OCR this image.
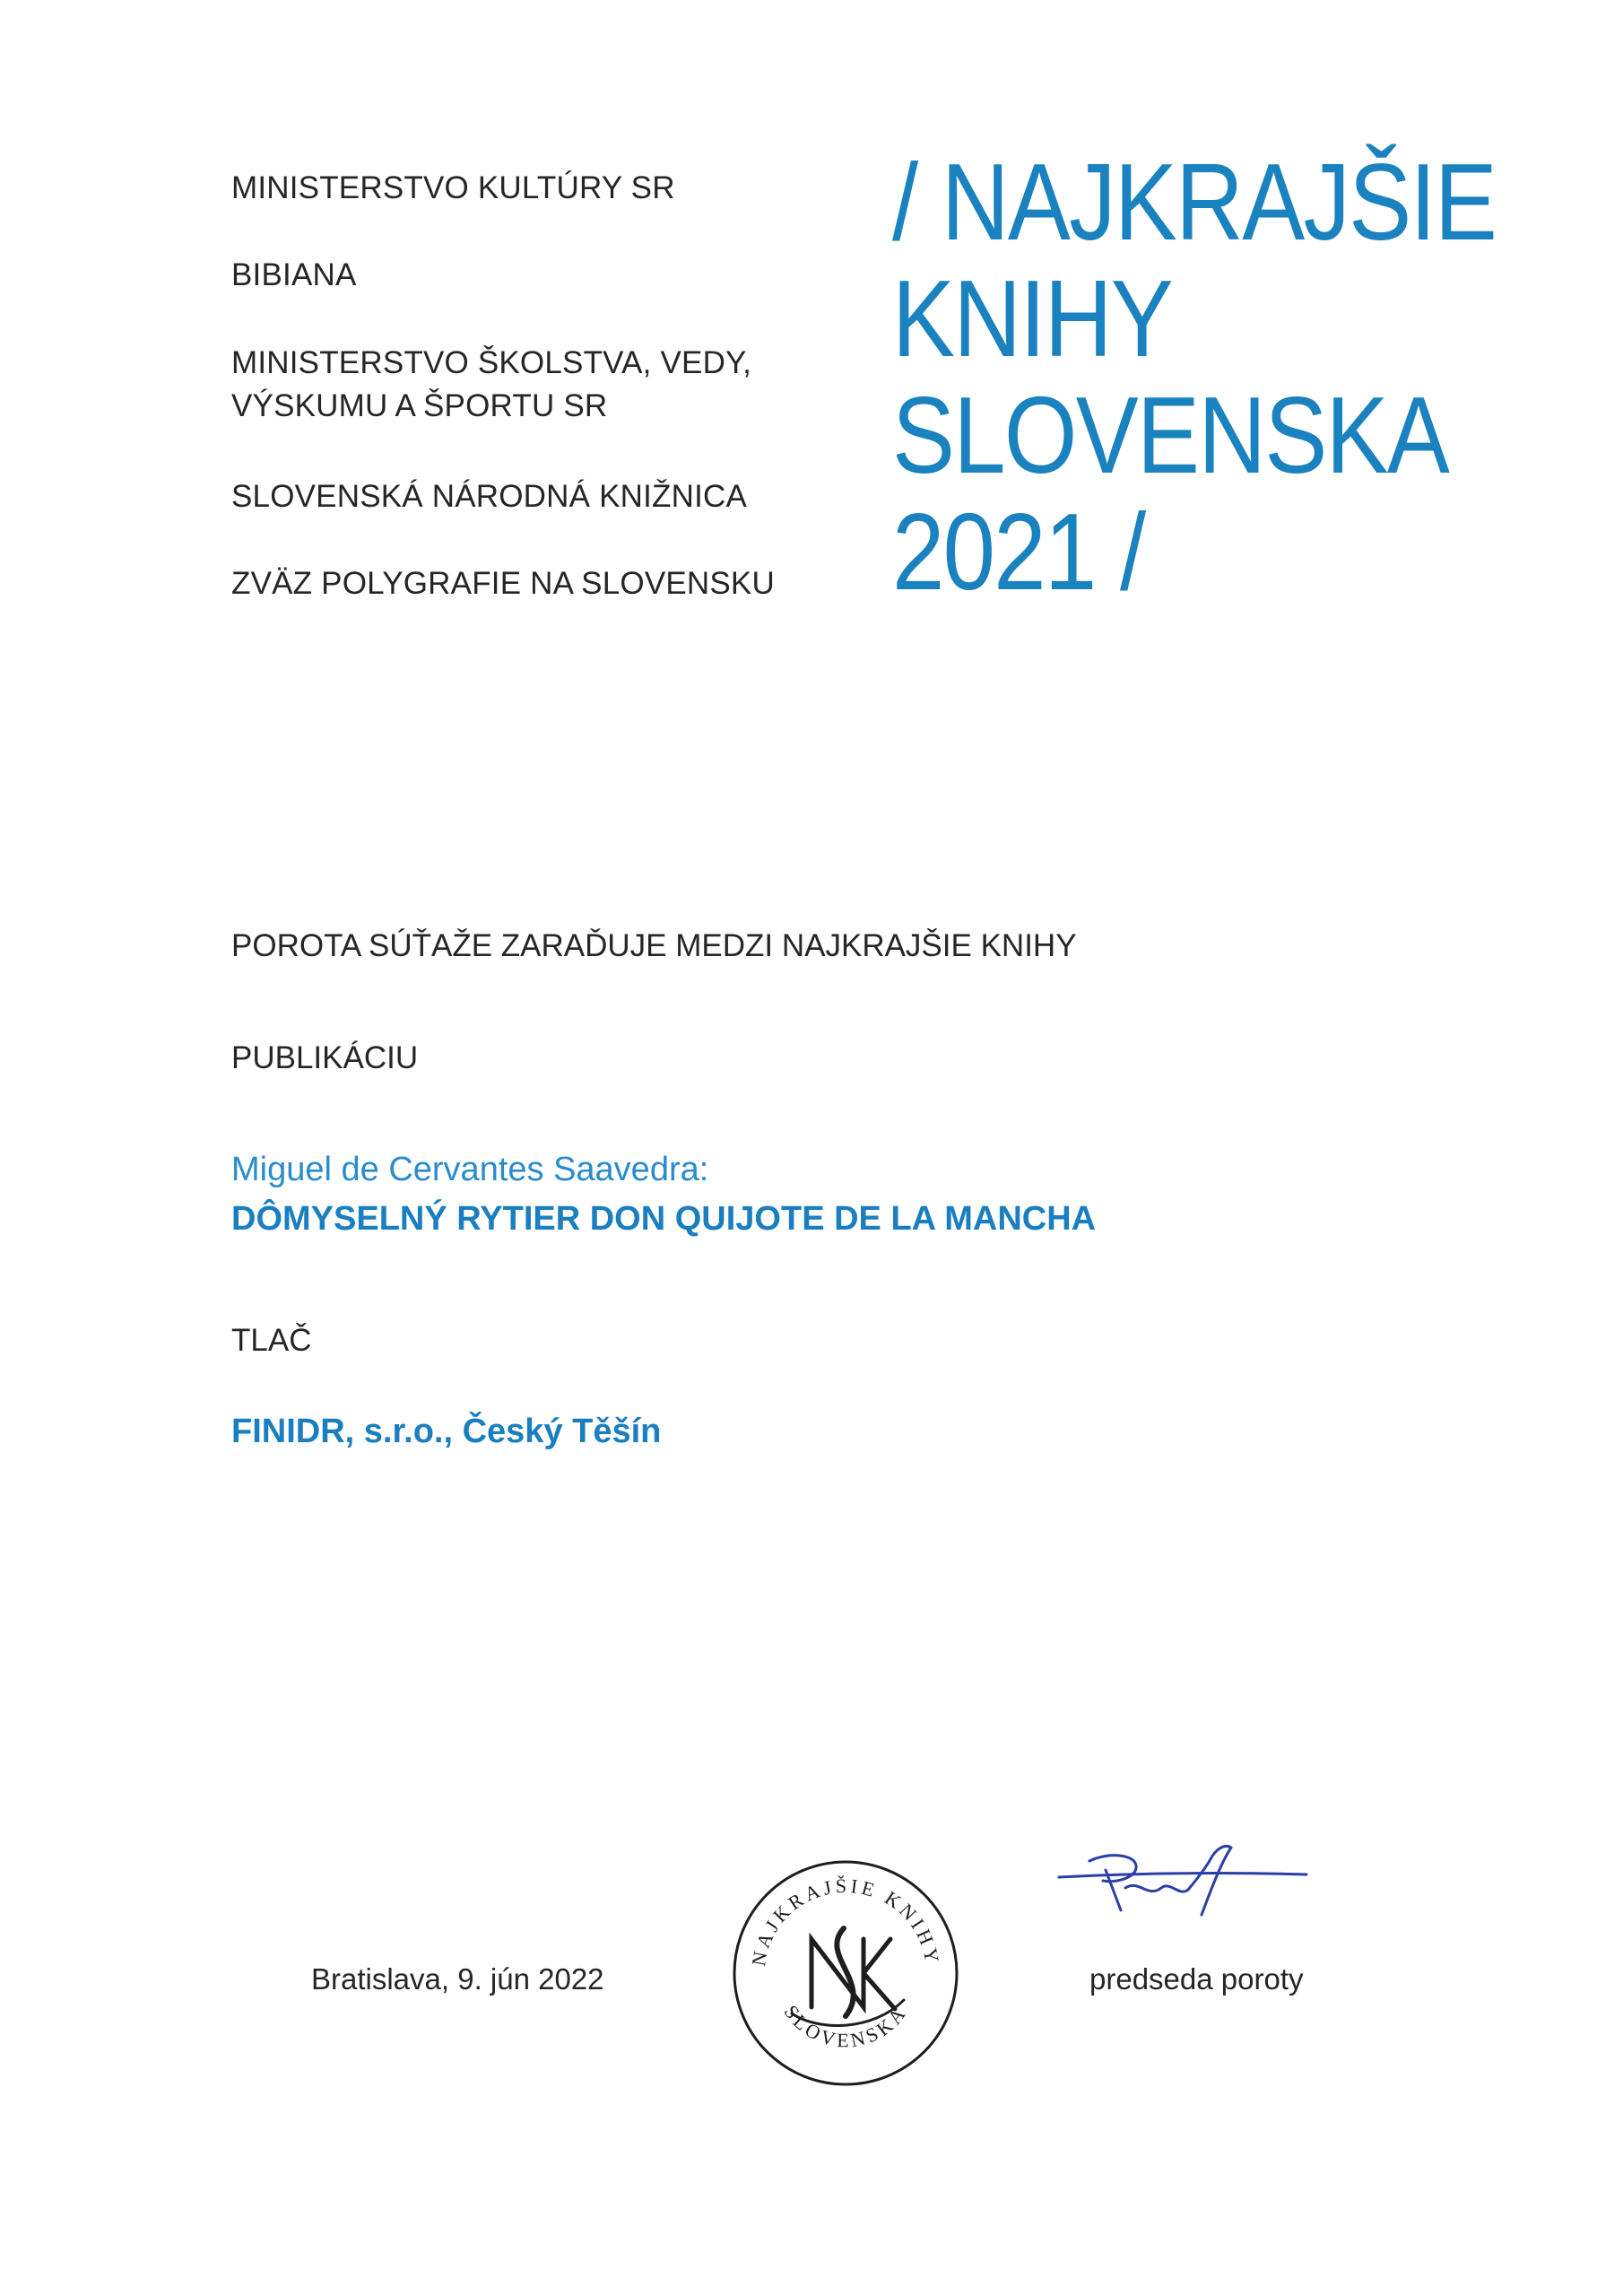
MINISTERSTVO KULTÚRY SR
BIBIANA
MINISTERSTVO ŠKOLSTVA, VEDY,
VÝSKUMU A ŠPORTU SR
SLOVENSKÁ NÁRODNÁ KNIŽNICA
ZVÄZ POLYGRAFIE NA SLOVENSKU
/ NAJKRAJŠIE
KNIHY
SLOVENSKA
2021 /
POROTA SÚŤAŽE ZARAĎUJE MEDZI NAJKRAJŠIE KNIHY
PUBLIKÁCIU
Miguel de Cervantes Saavedra:
DÔMYSELNÝ RYTIER DON QUIJOTE DE LA MANCHA
TLAČ
FINIDR, s.r.o., Český Těšín
Bratislava, 9. jún 2022
NAJKRAJŠIE KNIHY
SLOVENSKA
predseda poroty
